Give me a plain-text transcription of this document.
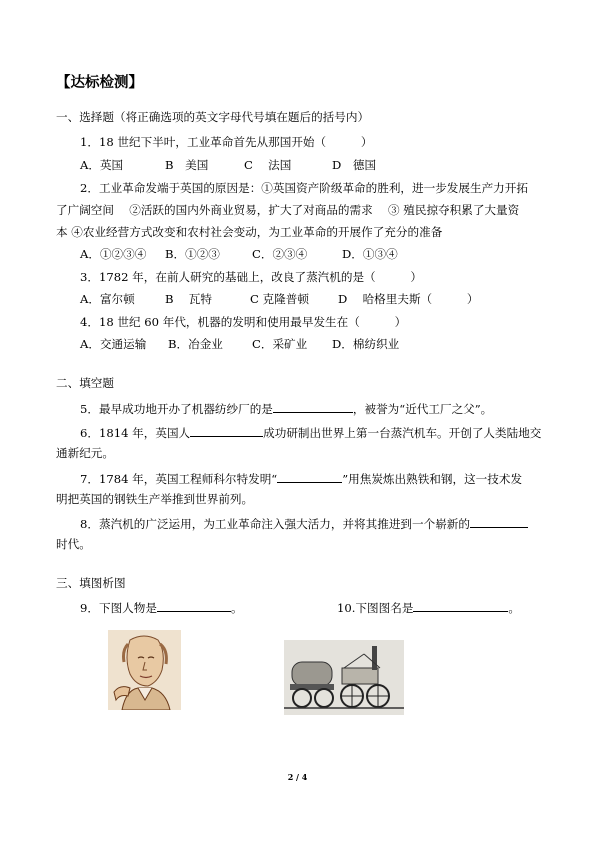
【达标检测】
一、选择题（将正确选项的英文字母代号填在题后的括号内）
1．18 世纪下半叶，工业革命首先从那国开始（　　　）
A．英国	B　美国	C　 法国	D　德国
2．工业革命发端于英国的原因是：①英国资产阶级革命的胜利，进一步发展生产力开拓
了广阔空间　 ②活跃的国内外商业贸易，扩大了对商品的需求　 ③ 殖民掠夺积累了大量资
本 ④农业经营方式改变和农村社会变动，为工业革命的开展作了充分的准备
A．①②③④ B．①②③	C．②③④	D．①③④
3．1782 年，在前人研究的基础上，改良了蒸汽机的是（　　　）
A．富尔顿	B　 瓦特	C 克隆普顿	D　 哈格里夫斯（　　　）
4．18 世纪 60 年代，机器的发明和使用最早发生在（　　　）
A．交通运输 B．冶金业	C．采矿业 D．棉纺织业
二、填空题
5．最早成功地开办了机器纺纱厂的是	，被誉为“近代工厂之父”。
6．1814 年，英国人	成功研制出世界上第一台蒸汽机车。开创了人类陆地交
通新纪元。
7．1784 年，英国工程师科尔特发明“	”用焦炭炼出熟铁和钢，这一技术发
明把英国的钢铁生产举推到世界前列。
8．蒸汽机的广泛运用，为工业革命注入强大活力，并将其推进到一个崭新的
时代。
三、填图析图
9．下图人物是	。	10.下图图名是	。
2 / 4
